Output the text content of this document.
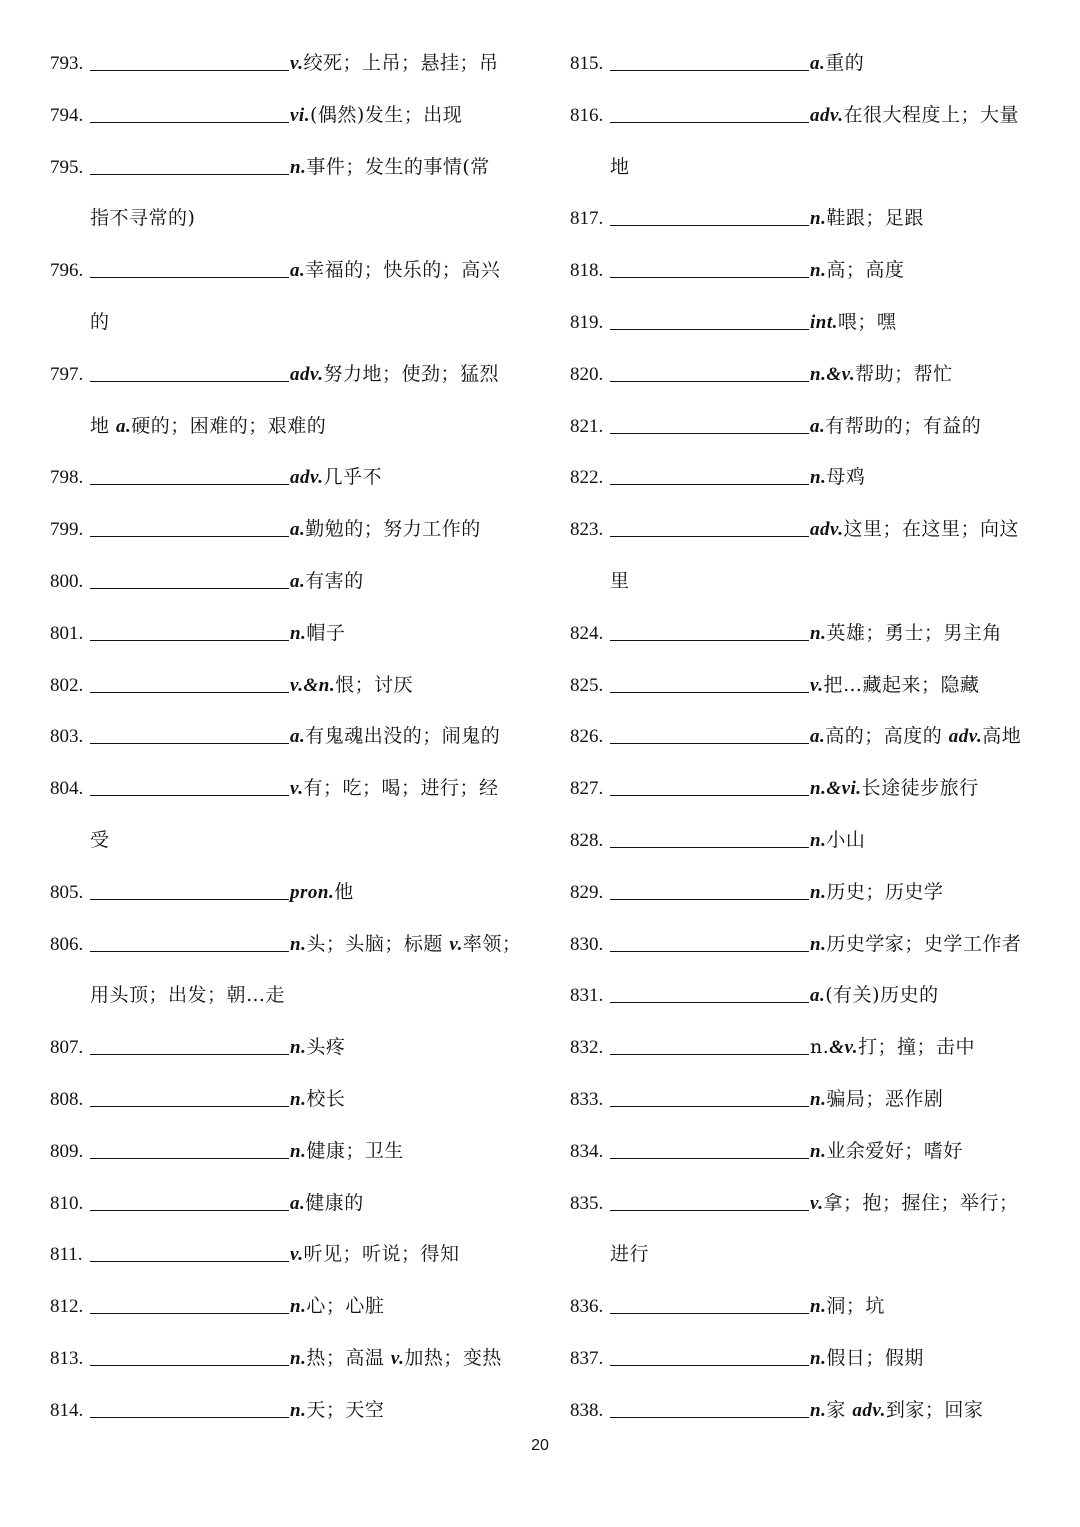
793.	v.绞死；上吊；悬挂；吊
794.	vi.(偶然)发生；出现
795.	n.事件；发生的事情(常
指不寻常的)
796.	a.幸福的；快乐的；高兴
的
797.	adv.努力地；使劲；猛烈
地 a.硬的；困难的；艰难的
798.	adv.几乎不
799.	a.勤勉的；努力工作的
800.	a.有害的
801.	n.帽子
802.	v.&n.恨；讨厌
803.	a.有鬼魂出没的；闹鬼的
804.	v.有；吃；喝；进行；经
受
805.	pron.他
806.	n.头；头脑；标题 v.率领；
用头顶；出发；朝…走
807.	n.头疼
808.	n.校长
809.	n.健康；卫生
810.	a.健康的
811.	v.听见；听说；得知
812.	n.心；心脏
813.	n.热；高温 v.加热；变热
814.	n.天；天空
815.	a.重的
816.	adv.在很大程度上；大量
地
817.	n.鞋跟；足跟
818.	n.高；高度
819.	int.喂；嘿
820.	n.&v.帮助；帮忙
821.	a.有帮助的；有益的
822.	n.母鸡
823.	adv.这里；在这里；向这
里
824.	n.英雄；勇士；男主角
825.	v.把…藏起来；隐藏
826.	a.高的；高度的 adv.高地
827.	n.&vi.长途徒步旅行
828.	n.小山
829.	n.历史；历史学
830.	n.历史学家；史学工作者
831.	a.(有关)历史的
832.	n.&v.打；撞；击中
833.	n.骗局；恶作剧
834.	n.业余爱好；嗜好
835.	v.拿；抱；握住；举行；
进行
836.	n.洞；坑
837.	n.假日；假期
838.	n.家 adv.到家；回家
20
